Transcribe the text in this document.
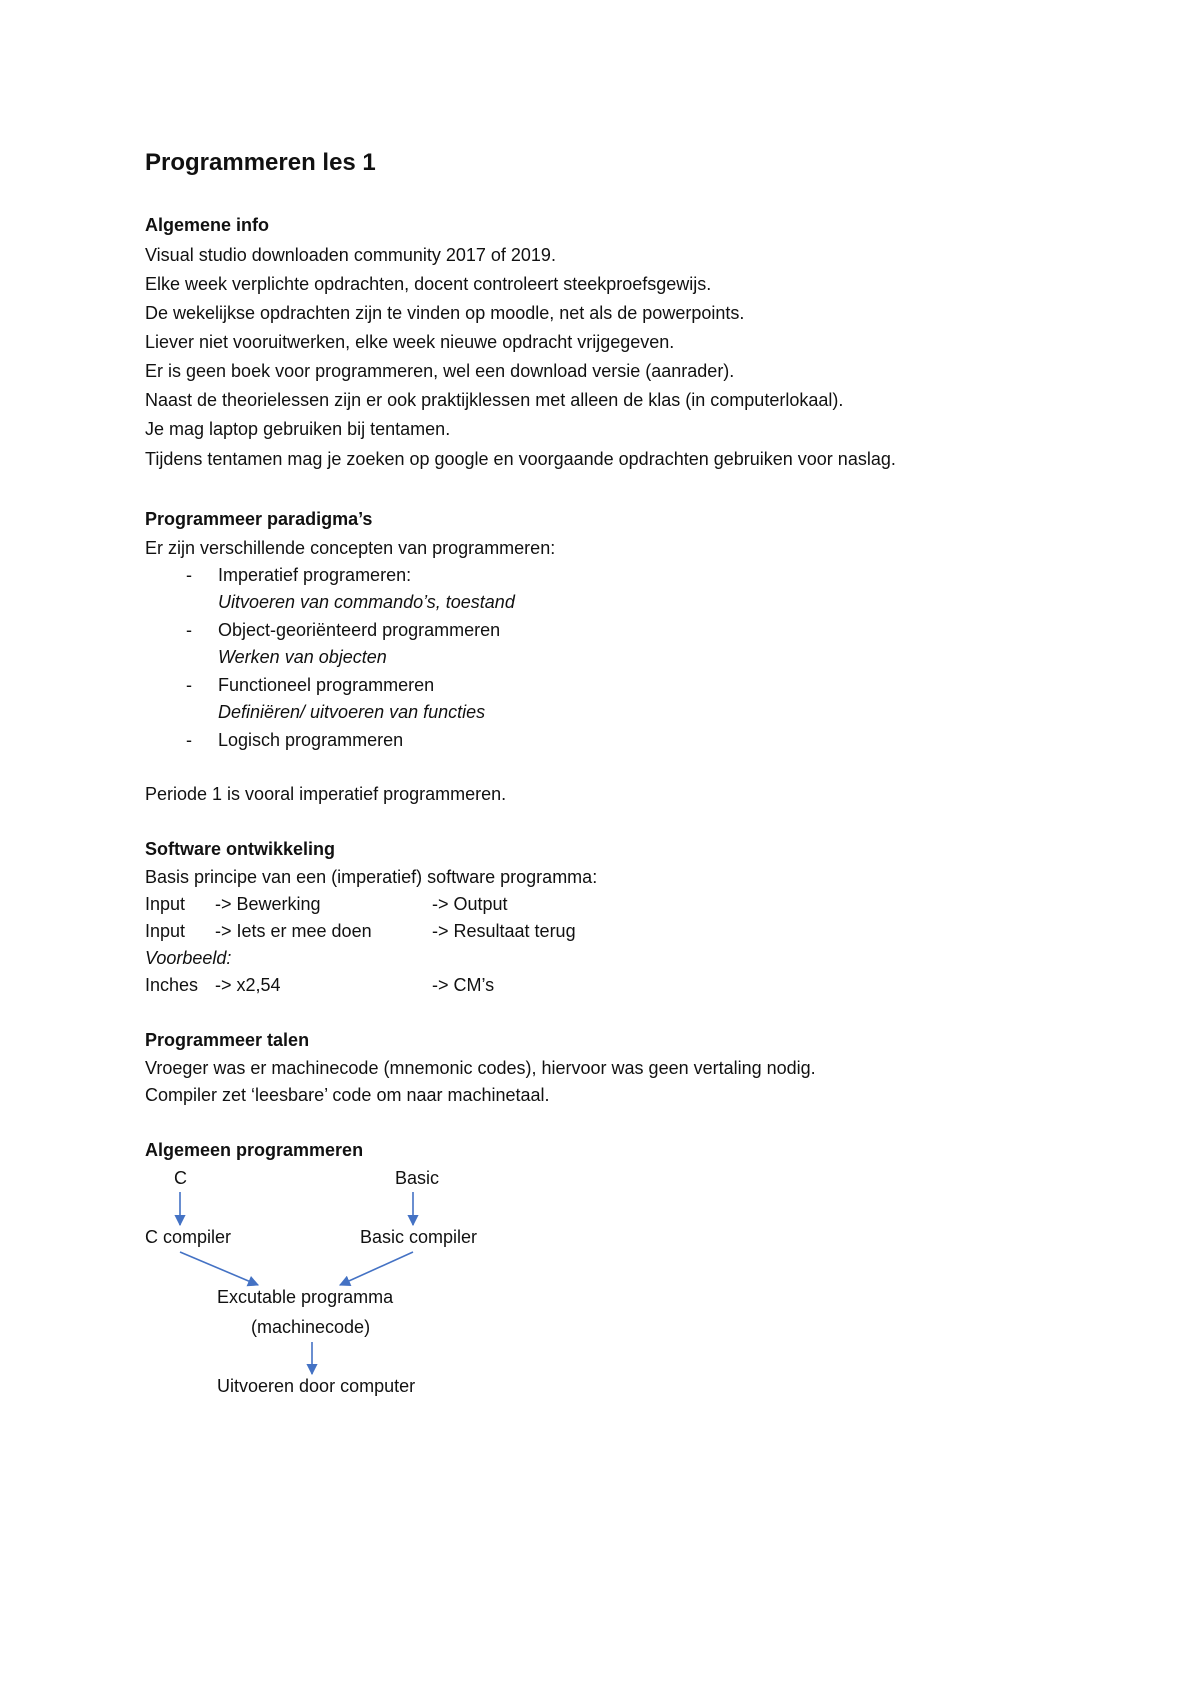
Programmeren les 1
Algemene info
Visual studio downloaden community 2017 of 2019.
Elke week verplichte opdrachten, docent controleert steekproefsgewijs.
De wekelijkse opdrachten zijn te vinden op moodle, net als de powerpoints.
Liever niet vooruitwerken, elke week nieuwe opdracht vrijgegeven.
Er is geen boek voor programmeren, wel een download versie (aanrader).
Naast de theorielessen zijn er ook praktijklessen met alleen de klas (in computerlokaal).
Je mag laptop gebruiken bij tentamen.
Tijdens tentamen mag je zoeken op google en voorgaande opdrachten gebruiken voor naslag.
Programmeer paradigma’s
Er zijn verschillende concepten van programmeren:
- Imperatief programeren:
Uitvoeren van commando’s, toestand
- Object-georiënteerd programmeren
Werken van objecten
- Functioneel programmeren
Definiëren/ uitvoeren van functies
- Logisch programmeren
Periode 1 is vooral imperatief programmeren.
Software ontwikkeling
Basis principe van een (imperatief) software programma:
Input -> Bewerking	-> Output
Input -> Iets er mee doen	-> Resultaat terug
Voorbeeld:
Inches -> x2,54	-> CM’s
Programmeer talen
Vroeger was er machinecode (mnemonic codes), hiervoor was geen vertaling nodig.
Compiler zet ‘leesbare’ code om naar machinetaal.
Algemeen programmeren
C	Basic
C compiler	Basic compiler
Excutable programma
(machinecode)
Uitvoeren door computer
